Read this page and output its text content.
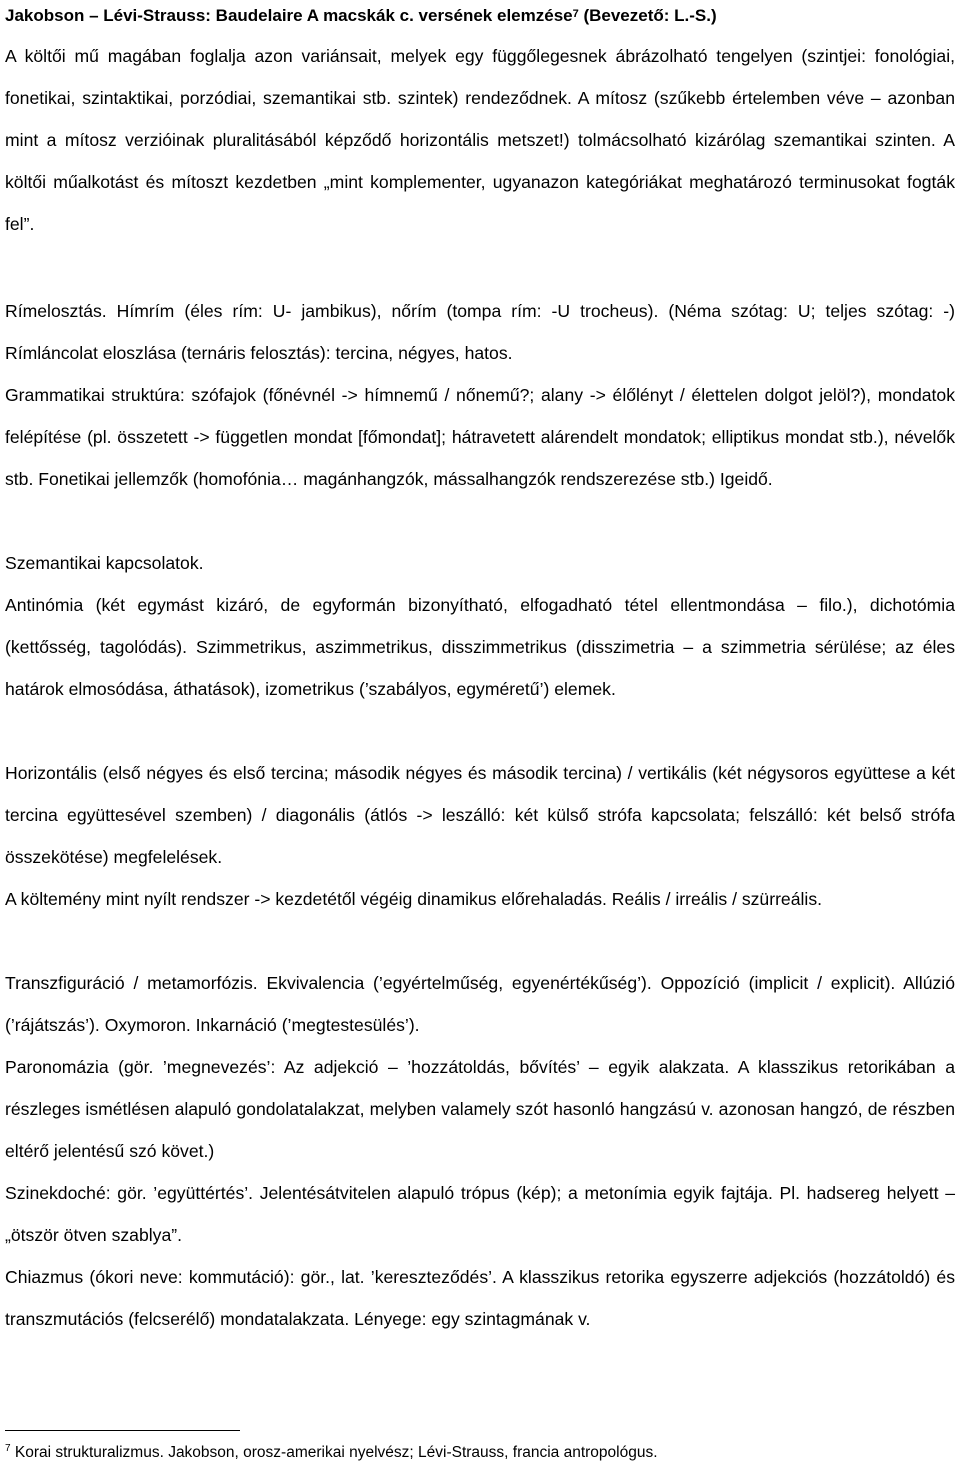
Jakobson – Lévi-Strauss: Baudelaire A macskák c. versének elemzése$^7$ (Bevezető: L.-S.)
A költői mű magában foglalja azon variánsait, melyek egy függőlegesnek ábrázolható tengelyen (szintjei: fonológiai, fonetikai, szintaktikai, porzódiai, szemantikai stb. szintek) rendeződnek. A mítosz (szűkebb értelemben véve – azonban mint a mítosz verzióinak pluralitásából képződő horizontális metszet!) tolmácsolható kizárólag szemantikai szinten. A költői műalkotást és mítoszt kezdetben „mint komplementer, ugyanazon kategóriákat meghatározó terminusokat fogták fel”.
Rímelosztás. Hímrím (éles rím: U- jambikus), nőrím (tompa rím: -U trocheus). (Néma szótag: U; teljes szótag: -) Rímláncolat eloszlása (ternáris felosztás): tercina, négyes, hatos.
Grammatikai struktúra: szófajok (főnévnél -> hímnemű / nőnemű?; alany -> élőlényt / élettelen dolgot jelöl?), mondatok felépítése (pl. összetett -> független mondat [főmondat]; hátravetett alárendelt mondatok; elliptikus mondat stb.), névelők stb. Fonetikai jellemzők (homofónia… magánhangzók, mássalhangzók rendszerezése stb.) Igeidő.
Szemantikai kapcsolatok.
Antinómia (két egymást kizáró, de egyformán bizonyítható, elfogadható tétel ellentmondása – filo.), dichotómia (kettősség, tagolódás). Szimmetrikus, aszimmetrikus, disszimmetrikus (disszimetria – a szimmetria sérülése; az éles határok elmosódása, áthatások), izometrikus (’szabályos, egyméretű’) elemek.
Horizontális (első négyes és első tercina; második négyes és második tercina) / vertikális (két négysoros együttese a két tercina együttesével szemben) / diagonális (átlós -> leszálló: két külső strófa kapcsolata; felszálló: két belső strófa összekötése) megfelelések.
A költemény mint nyílt rendszer -> kezdetétől végéig dinamikus előrehaladás. Reális / irreális / szürreális.
Transzfiguráció / metamorfózis. Ekvivalencia (’egyértelműség, egyenértékűség’). Oppozíció (implicit / explicit). Allúzió (’rájátszás’). Oxymoron. Inkarnáció (’megtestesülés’).
Paronomázia (gör. ’megnevezés’: Az adjekció – ’hozzátoldás, bővítés’ – egyik alakzata. A klasszikus retorikában a részleges ismétlésen alapuló gondolatalakzat, melyben valamely szót hasonló hangzású v. azonosan hangzó, de részben eltérő jelentésű szó követ.)
Szinekdoché: gör. ’együttértés’. Jelentésátvitelen alapuló trópus (kép); a metonímia egyik fajtája. Pl. hadsereg helyett – „ötször ötven szablya”.
Chiazmus (ókori neve: kommutáció): gör., lat. ’kereszteződés’. A klasszikus retorika egyszerre adjekciós (hozzátoldó) és transzmutációs (felcserélő) mondatalakzata. Lényege: egy szintagmának v.
$^7$ Korai strukturalizmus. Jakobson, orosz-amerikai nyelvész; Lévi-Strauss, francia antropológus.
